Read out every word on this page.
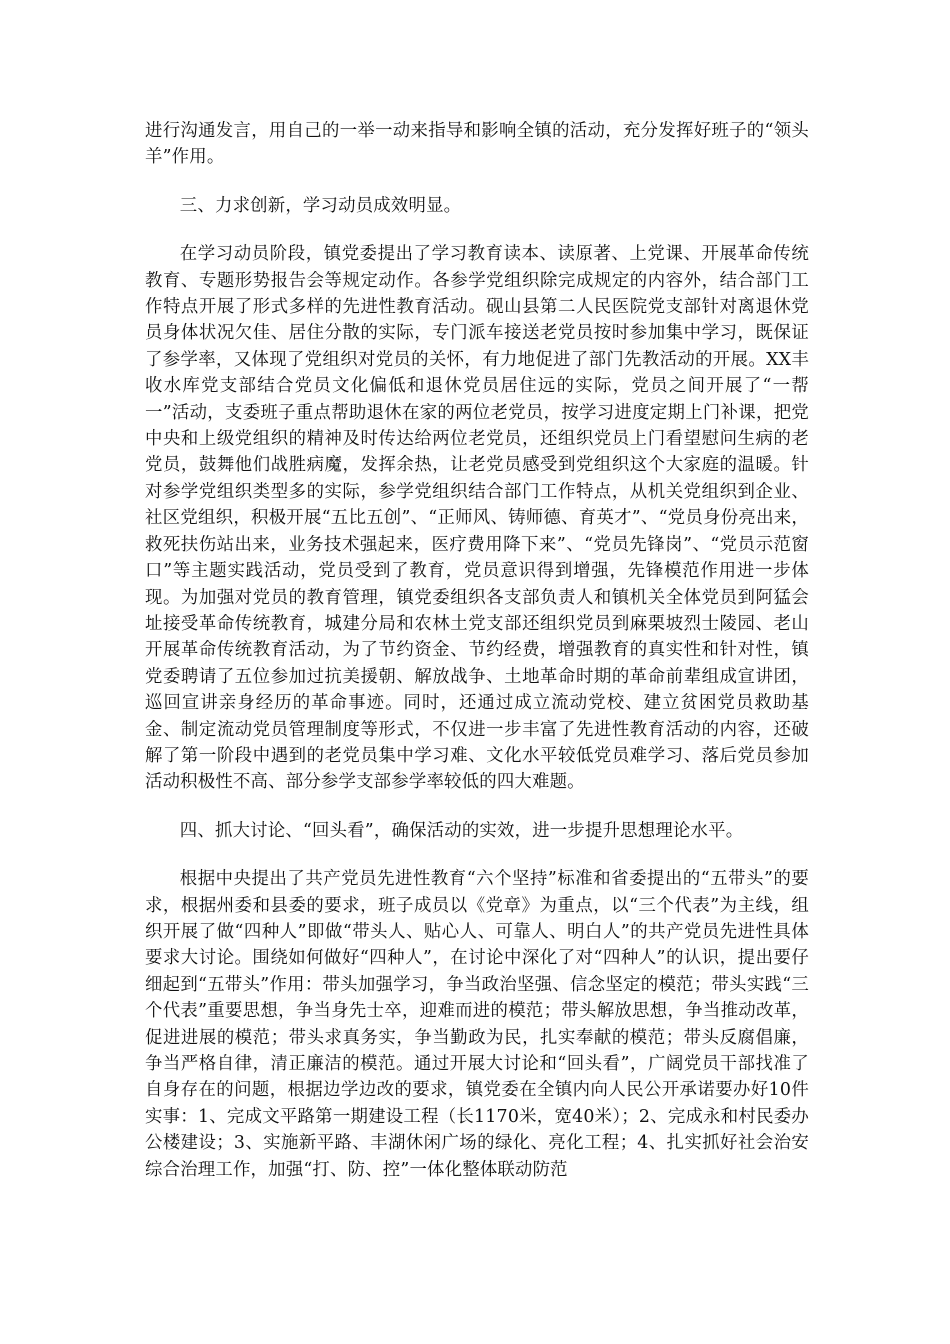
进行沟通发言，用自己的一举一动来指导和影响全镇的活动，充分发挥好班子的“领头羊”作用。

三、力求创新，学习动员成效明显。

在学习动员阶段，镇党委提出了学习教育读本、读原著、上党课、开展革命传统教育、专题形势报告会等规定动作。各参学党组织除完成规定的内容外，结合部门工作特点开展了形式多样的先进性教育活动。砚山县第二人民医院党支部针对离退休党员身体状况欠佳、居住分散的实际，专门派车接送老党员按时参加集中学习，既保证了参学率，又体现了党组织对党员的关怀，有力地促进了部门先教活动的开展。XX丰收水库党支部结合党员文化偏低和退休党员居住远的实际，党员之间开展了“一帮一”活动，支委班子重点帮助退休在家的两位老党员，按学习进度定期上门补课，把党中央和上级党组织的精神及时传达给两位老党员，还组织党员上门看望慰问生病的老党员，鼓舞他们战胜病魔，发挥余热，让老党员感受到党组织这个大家庭的温暖。针对参学党组织类型多的实际，参学党组织结合部门工作特点，从机关党组织到企业、社区党组织，积极开展“五比五创”、“正师风、铸师德、育英才”、“党员身份亮出来，救死扶伤站出来，业务技术强起来，医疗费用降下来”、“党员先锋岗”、“党员示范窗口”等主题实践活动，党员受到了教育，党员意识得到增强，先锋模范作用进一步体现。为加强对党员的教育管理，镇党委组织各支部负责人和镇机关全体党员到阿猛会址接受革命传统教育，城建分局和农林土党支部还组织党员到麻栗坡烈士陵园、老山开展革命传统教育活动，为了节约资金、节约经费，增强教育的真实性和针对性，镇党委聘请了五位参加过抗美援朝、解放战争、土地革命时期的革命前辈组成宣讲团，巡回宣讲亲身经历的革命事迹。同时，还通过成立流动党校、建立贫困党员救助基金、制定流动党员管理制度等形式，不仅进一步丰富了先进性教育活动的内容，还破解了第一阶段中遇到的老党员集中学习难、文化水平较低党员难学习、落后党员参加活动积极性不高、部分参学支部参学率较低的四大难题。

四、抓大讨论、“回头看”，确保活动的实效，进一步提升思想理论水平。

根据中央提出了共产党员先进性教育“六个坚持”标准和省委提出的“五带头”的要求，根据州委和县委的要求，班子成员以《党章》为重点，以“三个代表”为主线，组织开展了做“四种人”即做“带头人、贴心人、可靠人、明白人”的共产党员先进性具体要求大讨论。围绕如何做好“四种人”，在讨论中深化了对“四种人”的认识，提出要仔细起到“五带头”作用：带头加强学习，争当政治坚强、信念坚定的模范；带头实践“三个代表”重要思想，争当身先士卒，迎难而进的模范；带头解放思想，争当推动改革，促进进展的模范；带头求真务实，争当勤政为民，扎实奉献的模范；带头反腐倡廉，争当严格自律，清正廉洁的模范。通过开展大讨论和“回头看”，广阔党员干部找准了自身存在的问题，根据边学边改的要求，镇党委在全镇内向人民公开承诺要办好10件实事：1、完成文平路第一期建设工程（长1170米，宽40米）；2、完成永和村民委办公楼建设；3、实施新平路、丰湖休闲广场的绿化、亮化工程；4、扎实抓好社会治安综合治理工作，加强“打、防、控”一体化整体联动防范
